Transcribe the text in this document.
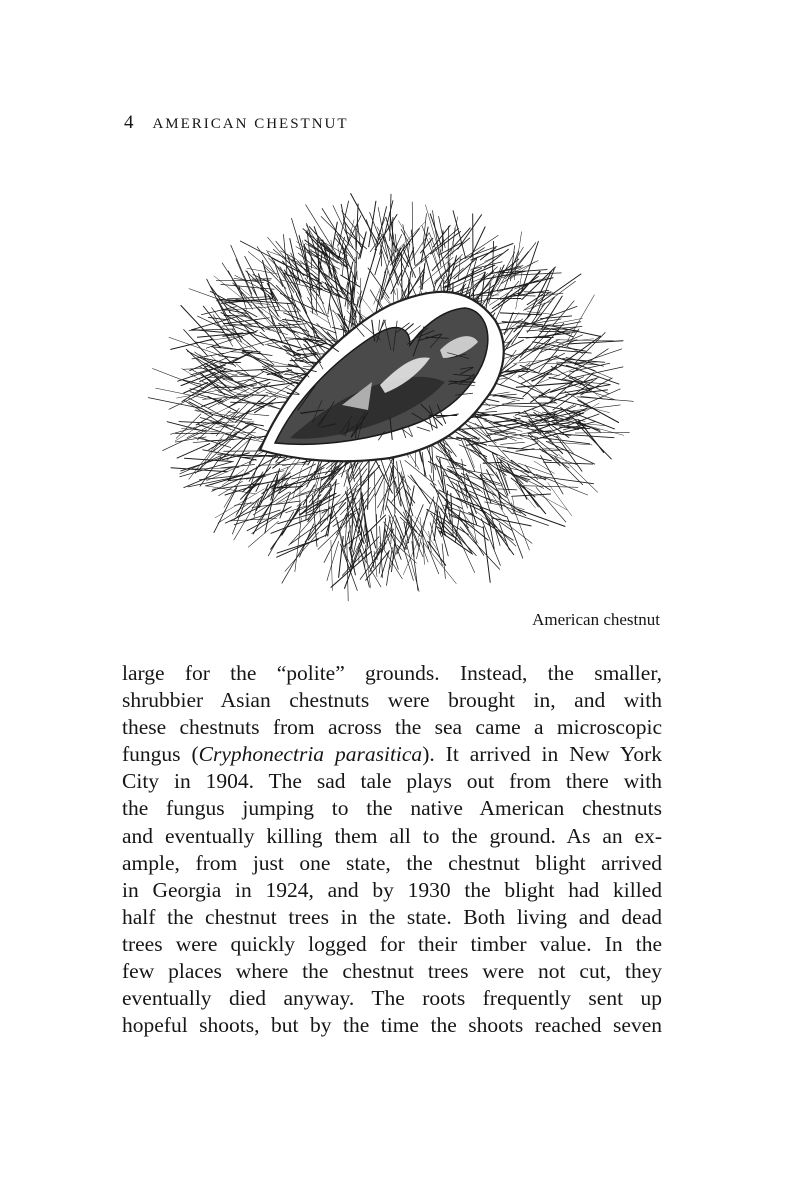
4 AMERICAN CHESTNUT
American chestnut
large for the “polite” grounds. Instead, the smaller,
shrubbier Asian chestnuts were brought in, and with
these chestnuts from across the sea came a microscopic
fungus (Cryphonectria parasitica). It arrived in New York
City in 1904. The sad tale plays out from there with
the fungus jumping to the native American chestnuts
and eventually killing them all to the ground. As an ex-
ample, from just one state, the chestnut blight arrived
in Georgia in 1924, and by 1930 the blight had killed
half the chestnut trees in the state. Both living and dead
trees were quickly logged for their timber value. In the
few places where the chestnut trees were not cut, they
eventually died anyway. The roots frequently sent up
hopeful shoots, but by the time the shoots reached seven
